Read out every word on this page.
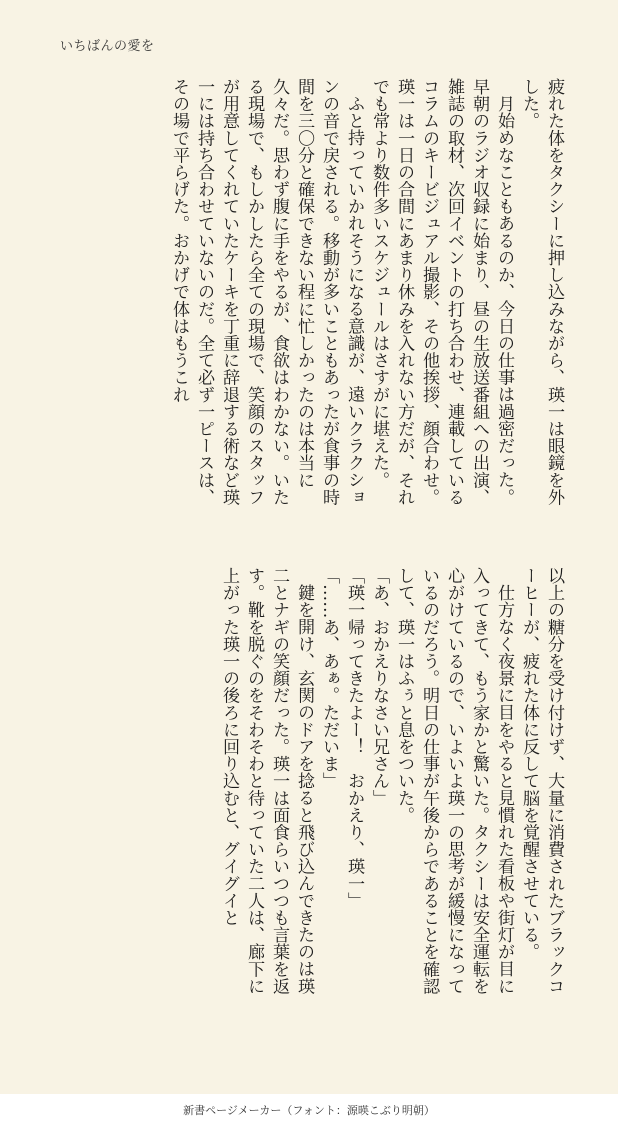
いちばんの愛を

疲れた体をタクシーに押し込みながら、瑛一は眼鏡を外した。

月始めなこともあるのか、今日の仕事は過密だった。早朝のラジオ収録に始まり、昼の生放送番組への出演、雑誌の取材、次回イベントの打ち合わせ、連載しているコラムのキービジュアル撮影、その他挨拶、顔合わせ。瑛一は一日の合間にあまり休みを入れない方だが、それでも常より数件多いスケジュールはさすがに堪えた。

ふと持っていかれそうになる意識が、遠いクラクションの音で戻される。移動が多いこともあったが食事の時間を三〇分と確保できない程に忙しかったのは本当に久々だ。思わず腹に手をやるが、食欲はわかない。いたる現場で、もしかしたら全ての現場で、笑顔のスタッフが用意してくれていたケーキを丁重に辞退する術など瑛一には持ち合わせていないのだ。全て必ず一ピースは、その場で平らげた。おかげで体はもうこれ

以上の糖分を受け付けず、大量に消費されたブラックコーヒーが、疲れた体に反して脳を覚醒させている。

仕方なく夜景に目をやると見慣れた看板や街灯が目に入ってきて、もう家かと驚いた。タクシーは安全運転を心がけているので、いよいよ瑛一の思考が緩慢になっているのだろう。明日の仕事が午後からであることを確認して、瑛一はふぅと息をついた。

「あ、おかえりなさい兄さん」

「瑛一帰ってきたよー！　おかえり、瑛一」

「……あ、あぁ。ただいま」

鍵を開け、玄関のドアを捻ると飛び込んできたのは瑛二とナギの笑顔だった。瑛一は面食らいつつも言葉を返す。靴を脱ぐのをそわそわと待っていた二人は、廊下に上がった瑛一の後ろに回り込むと、グイグイと

新書ページメーカー（フォント：源暎こぶり明朝）
